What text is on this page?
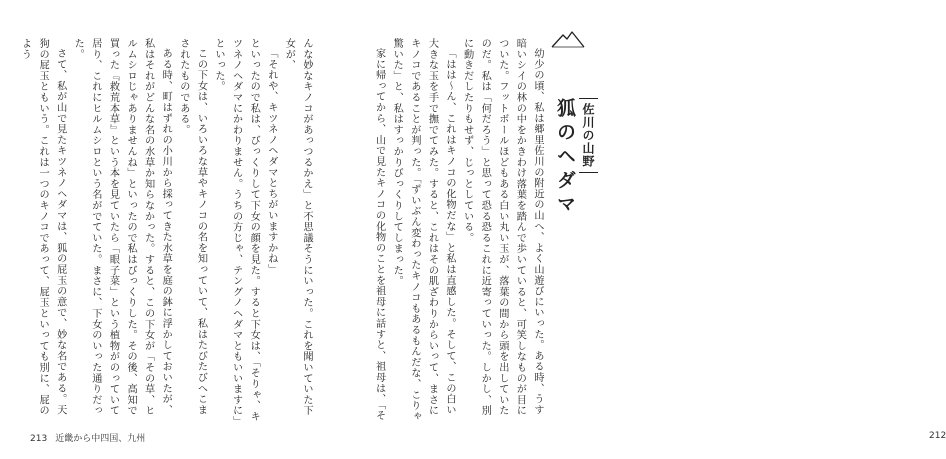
んな妙なキノコがあっつるかえ」と不思議そうにいった。これを聞いていた下女が、

「それや、キツネノヘダマとちがいますかね」

といったので私は、びっくりして下女の顔を見た。すると下女は、「そりゃ、キツネノヘダマにかわりません。うちの方じゃ、テングノヘダマともいいますに」といった。

この下女は、いろいろな草やキノコの名を知っていて、私はたびたびへこまされたものである。

ある時、町はずれの小川から採ってきた水草を庭の鉢に浮かしておいたが、私はそれがどんな名の水草か知らなかった。すると、この下女が「その草、ヒルムシロじゃありませんね」といったので私はびっくりした。その後、高知で買った『救荒本草』という本を見ていたら「眼子菜」という植物がのっていて居り、これにヒルムシロという名がでていた。まさに、下女のいった通りだった。

さて、私が山で見たキツネノヘダマは、狐の屁玉の意で、妙な名である。天狗の屁玉ともいう。これは一つのキノコであって、屁玉といっても別に、屁のよう

213 近畿から中四国、九州

幼少の頃、私は郷里佐川の附近の山へ、よく山遊びにいった。ある時、うす暗いシイの林の中をかきわけ落葉を踏んで歩いていると、可笑しなものが目についた。フットボールほどもある白い丸い玉が、落葉の間から頭を出していたのだ。私は「何だろう」と思って恐る恐るこれに近寄っていった。しかし、別に動きだしたりもせず、じっとしている。

「はは〜ん、これはキノコの化物だな」と私は直感した。そして、この白い大きな玉を手で撫でてみた。すると、これはその肌ざわりからいって、まさにキノコであることが判った。「ずいぶん変わったキノコもあるもんだな、こりゃ驚いた」と、私はすっかりびっくりしてしまった。

家に帰ってから、山で見たキノコの化物のことを祖母に話すと、祖母は、「そ

212
佐川の山野
狐のヘダマ
